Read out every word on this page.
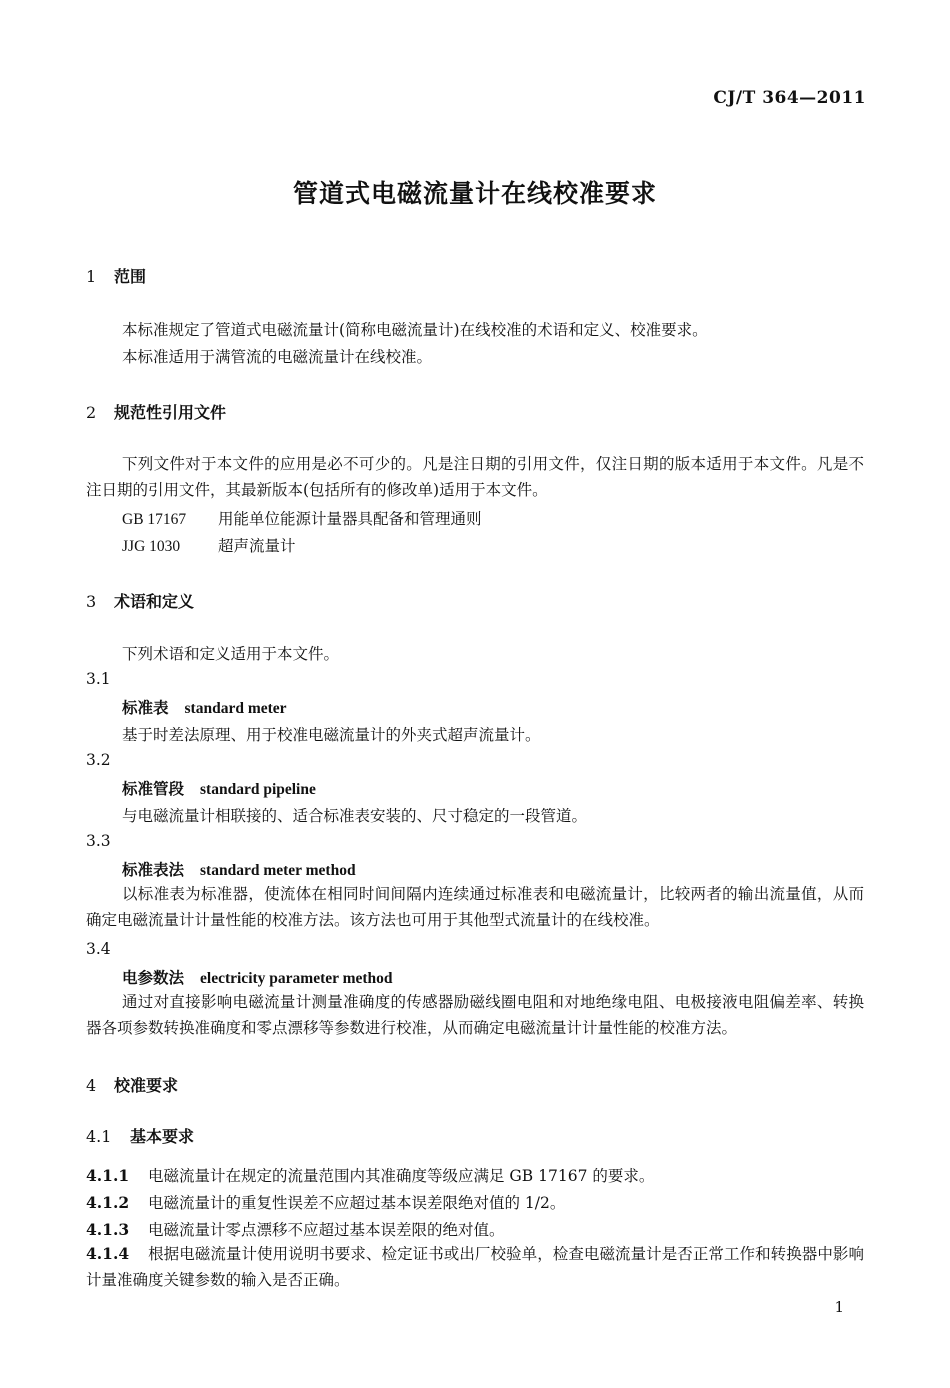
CJ/T 364—2011
管道式电磁流量计在线校准要求
1 范围
本标准规定了管道式电磁流量计(简称电磁流量计)在线校准的术语和定义、校准要求。
本标准适用于满管流的电磁流量计在线校准。
2 规范性引用文件
下列文件对于本文件的应用是必不可少的。凡是注日期的引用文件，仅注日期的版本适用于本文件。凡是不注日期的引用文件，其最新版本(包括所有的修改单)适用于本文件。
GB 17167 用能单位能源计量器具配备和管理通则
JJG 1030 超声流量计
3 术语和定义
下列术语和定义适用于本文件。
3.1
标准表 standard meter
基于时差法原理、用于校准电磁流量计的外夹式超声流量计。
3.2
标准管段 standard pipeline
与电磁流量计相联接的、适合标准表安装的、尺寸稳定的一段管道。
3.3
标准表法 standard meter method
以标准表为标准器，使流体在相同时间间隔内连续通过标准表和电磁流量计，比较两者的输出流量值，从而确定电磁流量计计量性能的校准方法。该方法也可用于其他型式流量计的在线校准。
3.4
电参数法 electricity parameter method
通过对直接影响电磁流量计测量准确度的传感器励磁线圈电阻和对地绝缘电阻、电极接液电阻偏差率、转换器各项参数转换准确度和零点漂移等参数进行校准，从而确定电磁流量计计量性能的校准方法。
4 校准要求
4.1 基本要求
4.1.1 电磁流量计在规定的流量范围内其准确度等级应满足 GB 17167 的要求。
4.1.2 电磁流量计的重复性误差不应超过基本误差限绝对值的 1/2。
4.1.3 电磁流量计零点漂移不应超过基本误差限的绝对值。
4.1.4 根据电磁流量计使用说明书要求、检定证书或出厂校验单，检查电磁流量计是否正常工作和转换器中影响计量准确度关键参数的输入是否正确。
1
